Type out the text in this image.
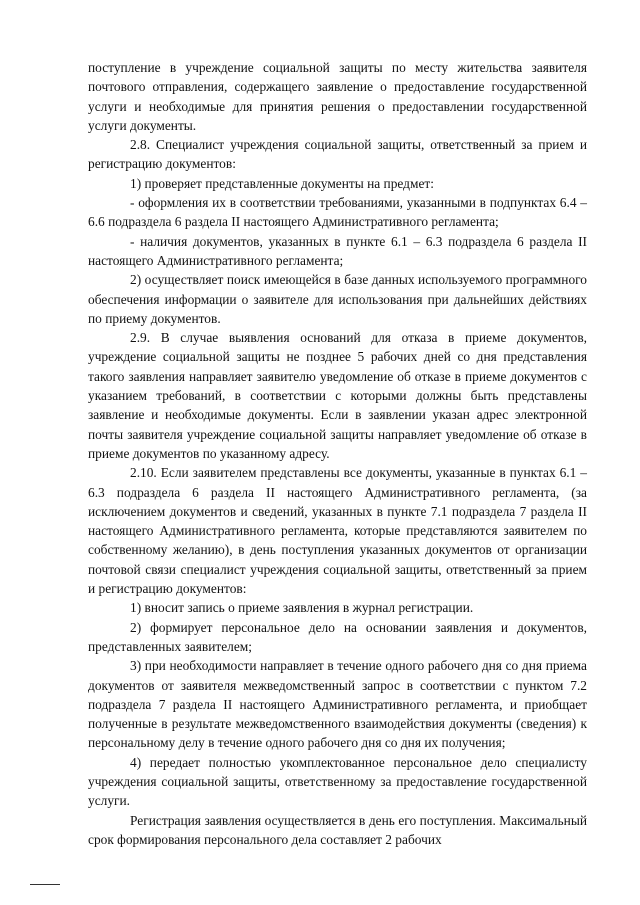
поступление в учреждение социальной защиты по месту жительства заявителя почтового отправления, содержащего заявление о предоставление государственной услуги и необходимые для принятия решения о предоставлении государственной услуги документы.

2.8. Специалист учреждения социальной защиты, ответственный за прием и регистрацию документов:

1) проверяет представленные документы на предмет:

- оформления их в соответствии требованиями, указанными в подпунктах 6.4 – 6.6 подраздела 6 раздела II настоящего Административного регламента;

- наличия документов, указанных в пункте 6.1 – 6.3 подраздела 6 раздела II настоящего Административного регламента;

2) осуществляет поиск имеющейся в базе данных используемого программного обеспечения информации о заявителе для использования при дальнейших действиях по приему документов.

2.9. В случае выявления оснований для отказа в приеме документов, учреждение социальной защиты не позднее 5 рабочих дней со дня представления такого заявления направляет заявителю уведомление об отказе в приеме документов с указанием требований, в соответствии с которыми должны быть представлены заявление и необходимые документы. Если в заявлении указан адрес электронной почты заявителя учреждение социальной защиты направляет уведомление об отказе в приеме документов по указанному адресу.

2.10. Если заявителем представлены все документы, указанные в пунктах 6.1 – 6.3 подраздела 6 раздела II настоящего Административного регламента, (за исключением документов и сведений, указанных в пункте 7.1 подраздела 7 раздела II настоящего Административного регламента, которые представляются заявителем по собственному желанию), в день поступления указанных документов от организации почтовой связи специалист учреждения социальной защиты, ответственный за прием и регистрацию документов:

1) вносит запись о приеме заявления в журнал регистрации.

2) формирует персональное дело на основании заявления и документов, представленных заявителем;

3) при необходимости направляет в течение одного рабочего дня со дня приема документов от заявителя межведомственный запрос в соответствии с пунктом 7.2 подраздела 7 раздела II настоящего Административного регламента, и приобщает полученные в результате межведомственного взаимодействия документы (сведения) к персональному делу в течение одного рабочего дня со дня их получения;

4) передает полностью укомплектованное персональное дело специалисту учреждения социальной защиты, ответственному за предоставление государственной услуги.

Регистрация заявления осуществляется в день его поступления. Максимальный срок формирования персонального дела составляет 2 рабочих
